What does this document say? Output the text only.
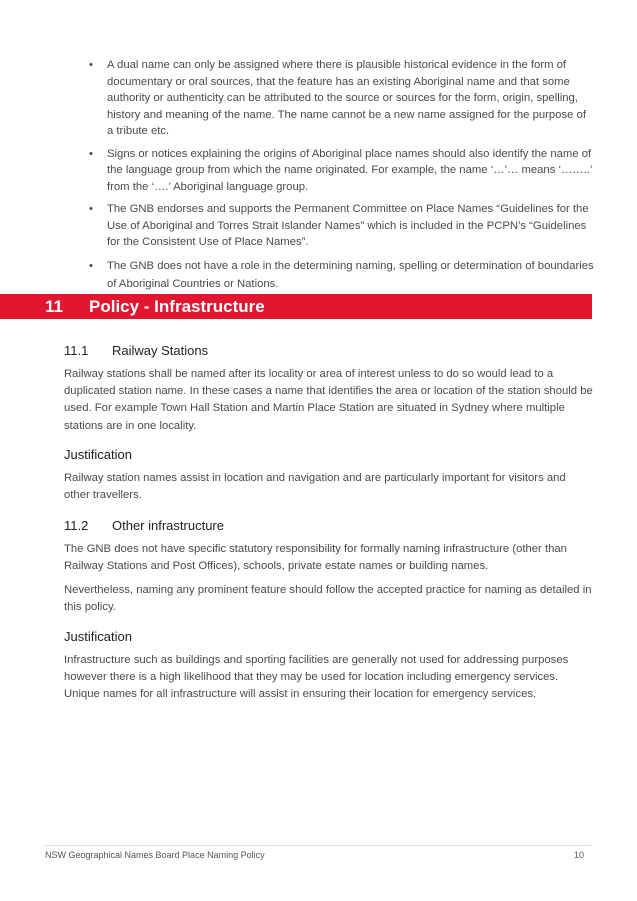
• A dual name can only be assigned where there is plausible historical evidence in the form of documentary or oral sources, that the feature has an existing Aboriginal name and that some authority or authenticity can be attributed to the source or sources for the form, origin, spelling, history and meaning of the name. The name cannot be a new name assigned for the purpose of a tribute etc.
• Signs or notices explaining the origins of Aboriginal place names should also identify the name of the language group from which the name originated. For example, the name ‘…’… means ‘……..’ from the ‘….’ Aboriginal language group.
• The GNB endorses and supports the Permanent Committee on Place Names “Guidelines for the Use of Aboriginal and Torres Strait Islander Names” which is included in the PCPN’s “Guidelines for the Consistent Use of Place Names”.
• The GNB does not have a role in the determining naming, spelling or determination of boundaries of Aboriginal Countries or Nations.
11 Policy - Infrastructure
11.1 Railway Stations

Railway stations shall be named after its locality or area of interest unless to do so would lead to a duplicated station name. In these cases a name that identifies the area or location of the station should be used. For example Town Hall Station and Martin Place Station are situated in Sydney where multiple stations are in one locality.

Justification

Railway station names assist in location and navigation and are particularly important for visitors and other travellers.

11.2 Other infrastructure

The GNB does not have specific statutory responsibility for formally naming infrastructure (other than Railway Stations and Post Offices), schools, private estate names or building names.

Nevertheless, naming any prominent feature should follow the accepted practice for naming as detailed in this policy.

Justification

Infrastructure such as buildings and sporting facilities are generally not used for addressing purposes however there is a high likelihood that they may be used for location including emergency services. Unique names for all infrastructure will assist in ensuring their location for emergency services.

NSW Geographical Names Board Place Naming Policy	10
